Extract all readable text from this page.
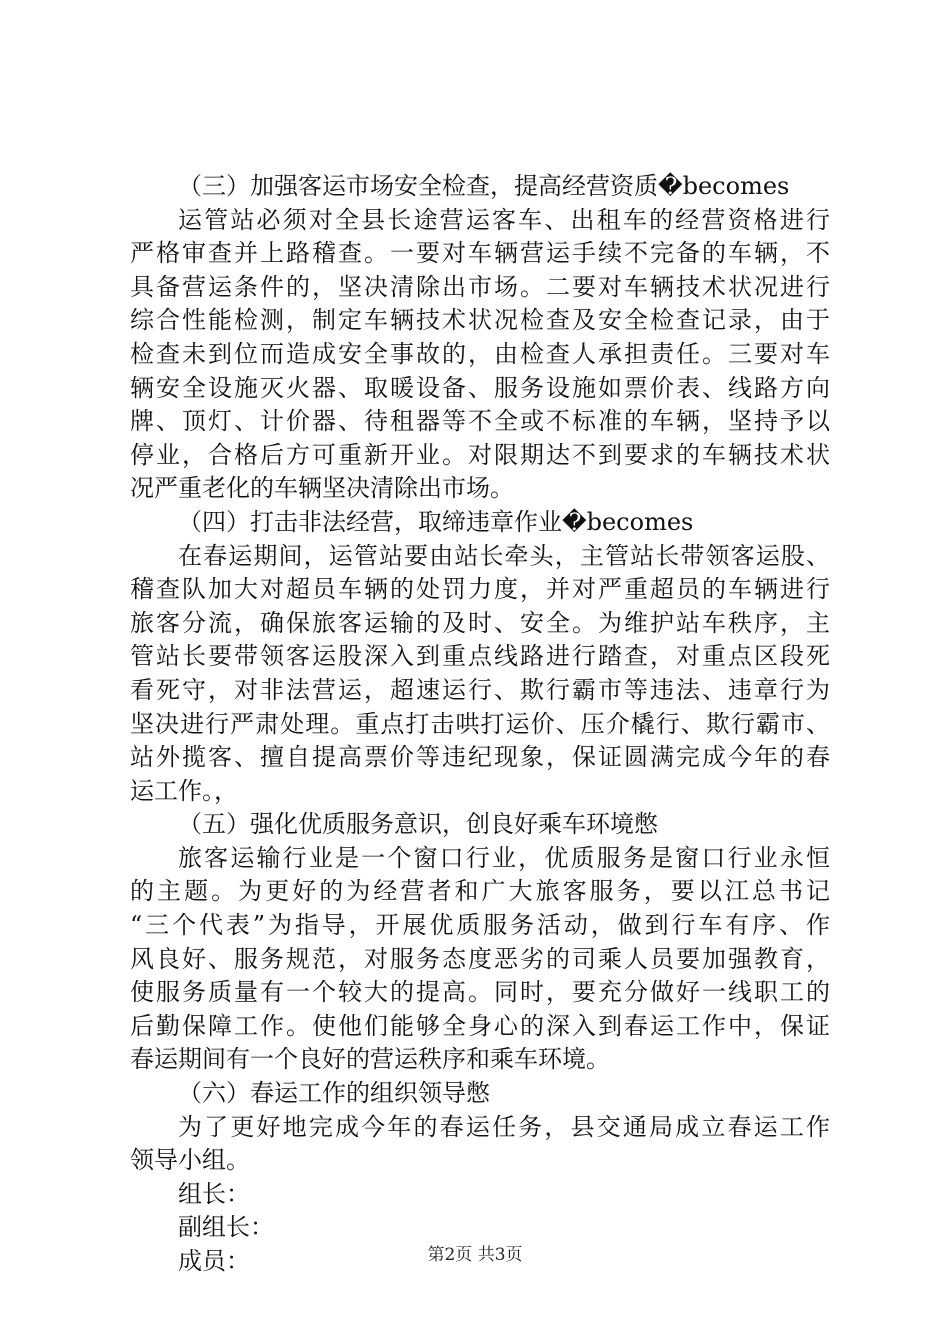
（三）加强客运市场安全检查，提高经营资质�becomes
运管站必须对全县长途营运客车、出租车的经营资格进行
严格审查并上路稽查。一要对车辆营运手续不完备的车辆，不
具备营运条件的，坚决清除出市场。二要对车辆技术状况进行
综合性能检测，制定车辆技术状况检查及安全检查记录，由于
检查未到位而造成安全事故的，由检查人承担责任。三要对车
辆安全设施灭火器、取暖设备、服务设施如票价表、线路方向
牌、顶灯、计价器、待租器等不全或不标准的车辆，坚持予以
停业，合格后方可重新开业。对限期达不到要求的车辆技术状
况严重老化的车辆坚决清除出市场。
（四）打击非法经营，取缔违章作业�becomes
在春运期间，运管站要由站长牵头，主管站长带领客运股、
稽查队加大对超员车辆的处罚力度，并对严重超员的车辆进行
旅客分流，确保旅客运输的及时、安全。为维护站车秩序，主
管站长要带领客运股深入到重点线路进行踏查，对重点区段死
看死守，对非法营运，超速运行、欺行霸市等违法、违章行为
坚决进行严肃处理。重点打击哄打运价、压介橇行、欺行霸市、
站外揽客、擅自提高票价等违纪现象，保证圆满完成今年的春
运工作。，
（五）强化优质服务意识，创良好乘车环境憋
旅客运输行业是一个窗口行业，优质服务是窗口行业永恒
的主题。为更好的为经营者和广大旅客服务，要以江总书记
“三个代表”为指导，开展优质服务活动，做到行车有序、作
风良好、服务规范，对服务态度恶劣的司乘人员要加强教育，
使服务质量有一个较大的提高。同时，要充分做好一线职工的
后勤保障工作。使他们能够全身心的深入到春运工作中，保证
春运期间有一个良好的营运秩序和乘车环境。
（六）春运工作的组织领导憋
为了更好地完成今年的春运任务，县交通局成立春运工作
领导小组。
组长：
副组长：
成员：	第2页 共3页
